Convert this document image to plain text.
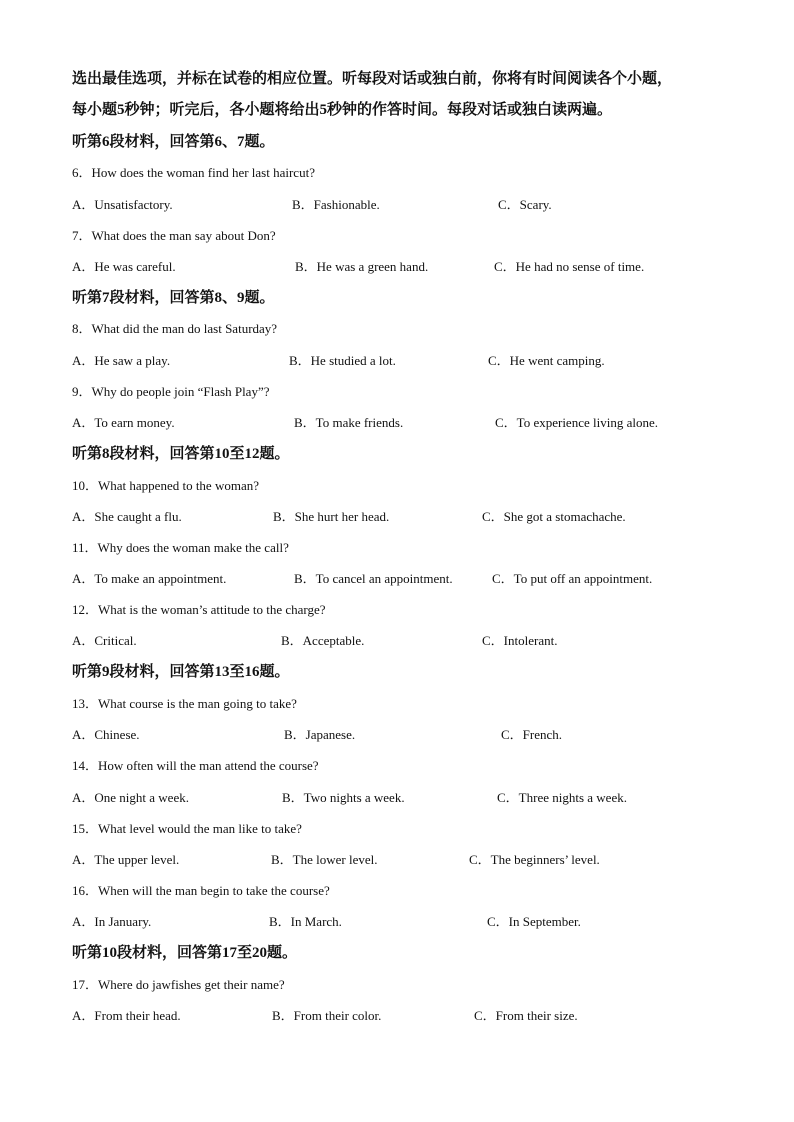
选出最佳选项，并标在试卷的相应位置。听每段对话或独白前，你将有时间阅读各个小题，
每小题5秒钟；听完后，各小题将给出5秒钟的作答时间。每段对话或独白读两遍。
听第6段材料，回答第6、7题。
6．How does the woman find her last haircut?
A．Unsatisfactory.	B．Fashionable.	C．Scary.
7．What does the man say about Don?
A．He was careful.	B．He was a green hand.	C．He had no sense of time.
听第7段材料，回答第8、9题。
8．What did the man do last Saturday?
A．He saw a play.	B．He studied a lot.	C．He went camping.
9．Why do people join “Flash Play”?
A．To earn money.	B．To make friends.	C．To experience living alone.
听第8段材料，回答第10至12题。
10．What happened to the woman?
A．She caught a flu.	B．She hurt her head.	C．She got a stomachache.
11．Why does the woman make the call?
A．To make an appointment.	B．To cancel an appointment.	C．To put off an appointment.
12．What is the woman’s attitude to the charge?
A．Critical.	B．Acceptable.	C．Intolerant.
听第9段材料，回答第13至16题。
13．What course is the man going to take?
A．Chinese.	B．Japanese.	C．French.
14．How often will the man attend the course?
A．One night a week.	B．Two nights a week.	C．Three nights a week.
15．What level would the man like to take?
A．The upper level.	B．The lower level.	C．The beginners’ level.
16．When will the man begin to take the course?
A．In January.	B．In March.	C．In September.
听第10段材料，回答第17至20题。
17．Where do jawfishes get their name?
A．From their head.	B．From their color.	C．From their size.
